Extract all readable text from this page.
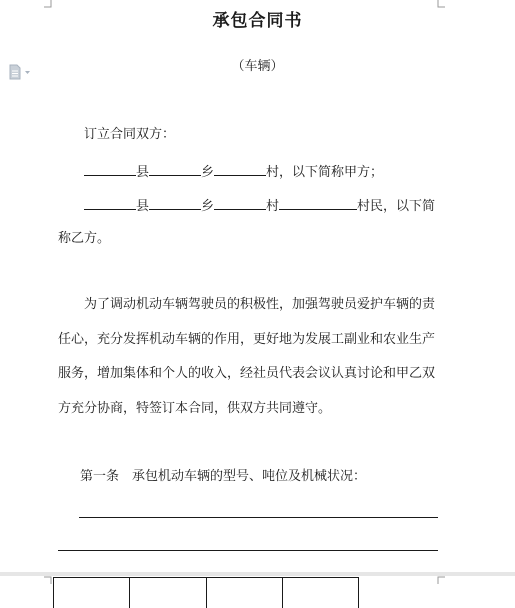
承包合同书
（车辆）
订立合同双方：
县	乡	村，以下简称甲方；
县	乡	村	村民，以下简
称乙方。
为了调动机动车辆驾驶员的积极性，加强驾驶员爱护车辆的责
任心，充分发挥机动车辆的作用，更好地为发展工副业和农业生产
服务，增加集体和个人的收入，经社员代表会议认真讨论和甲乙双
方充分协商，特签订本合同，供双方共同遵守。
第一条　承包机动车辆的型号、吨位及机械状况：
